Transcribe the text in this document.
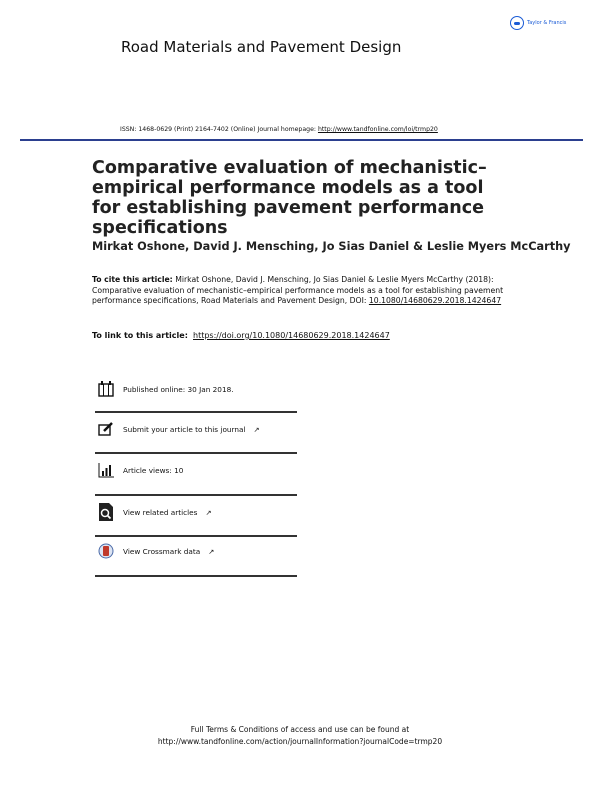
Taylor & Francis
Road Materials and Pavement Design
ISSN: 1468-0629 (Print) 2164-7402 (Online) Journal homepage: http://www.tandfonline.com/loi/trmp20
Comparative evaluation of mechanistic–empirical performance models as a tool for establishing pavement performance specifications
Mirkat Oshone, David J. Mensching, Jo Sias Daniel & Leslie Myers McCarthy
To cite this article: Mirkat Oshone, David J. Mensching, Jo Sias Daniel & Leslie Myers McCarthy (2018): Comparative evaluation of mechanistic–empirical performance models as a tool for establishing pavement performance specifications, Road Materials and Pavement Design, DOI: 10.1080/14680629.2018.1424647
To link to this article: https://doi.org/10.1080/14680629.2018.1424647
Published online: 30 Jan 2018.
Submit your article to this journal ↗
Article views: 10
View related articles ↗
View Crossmark data ↗
Full Terms & Conditions of access and use can be found at
http://www.tandfonline.com/action/journalInformation?journalCode=trmp20
